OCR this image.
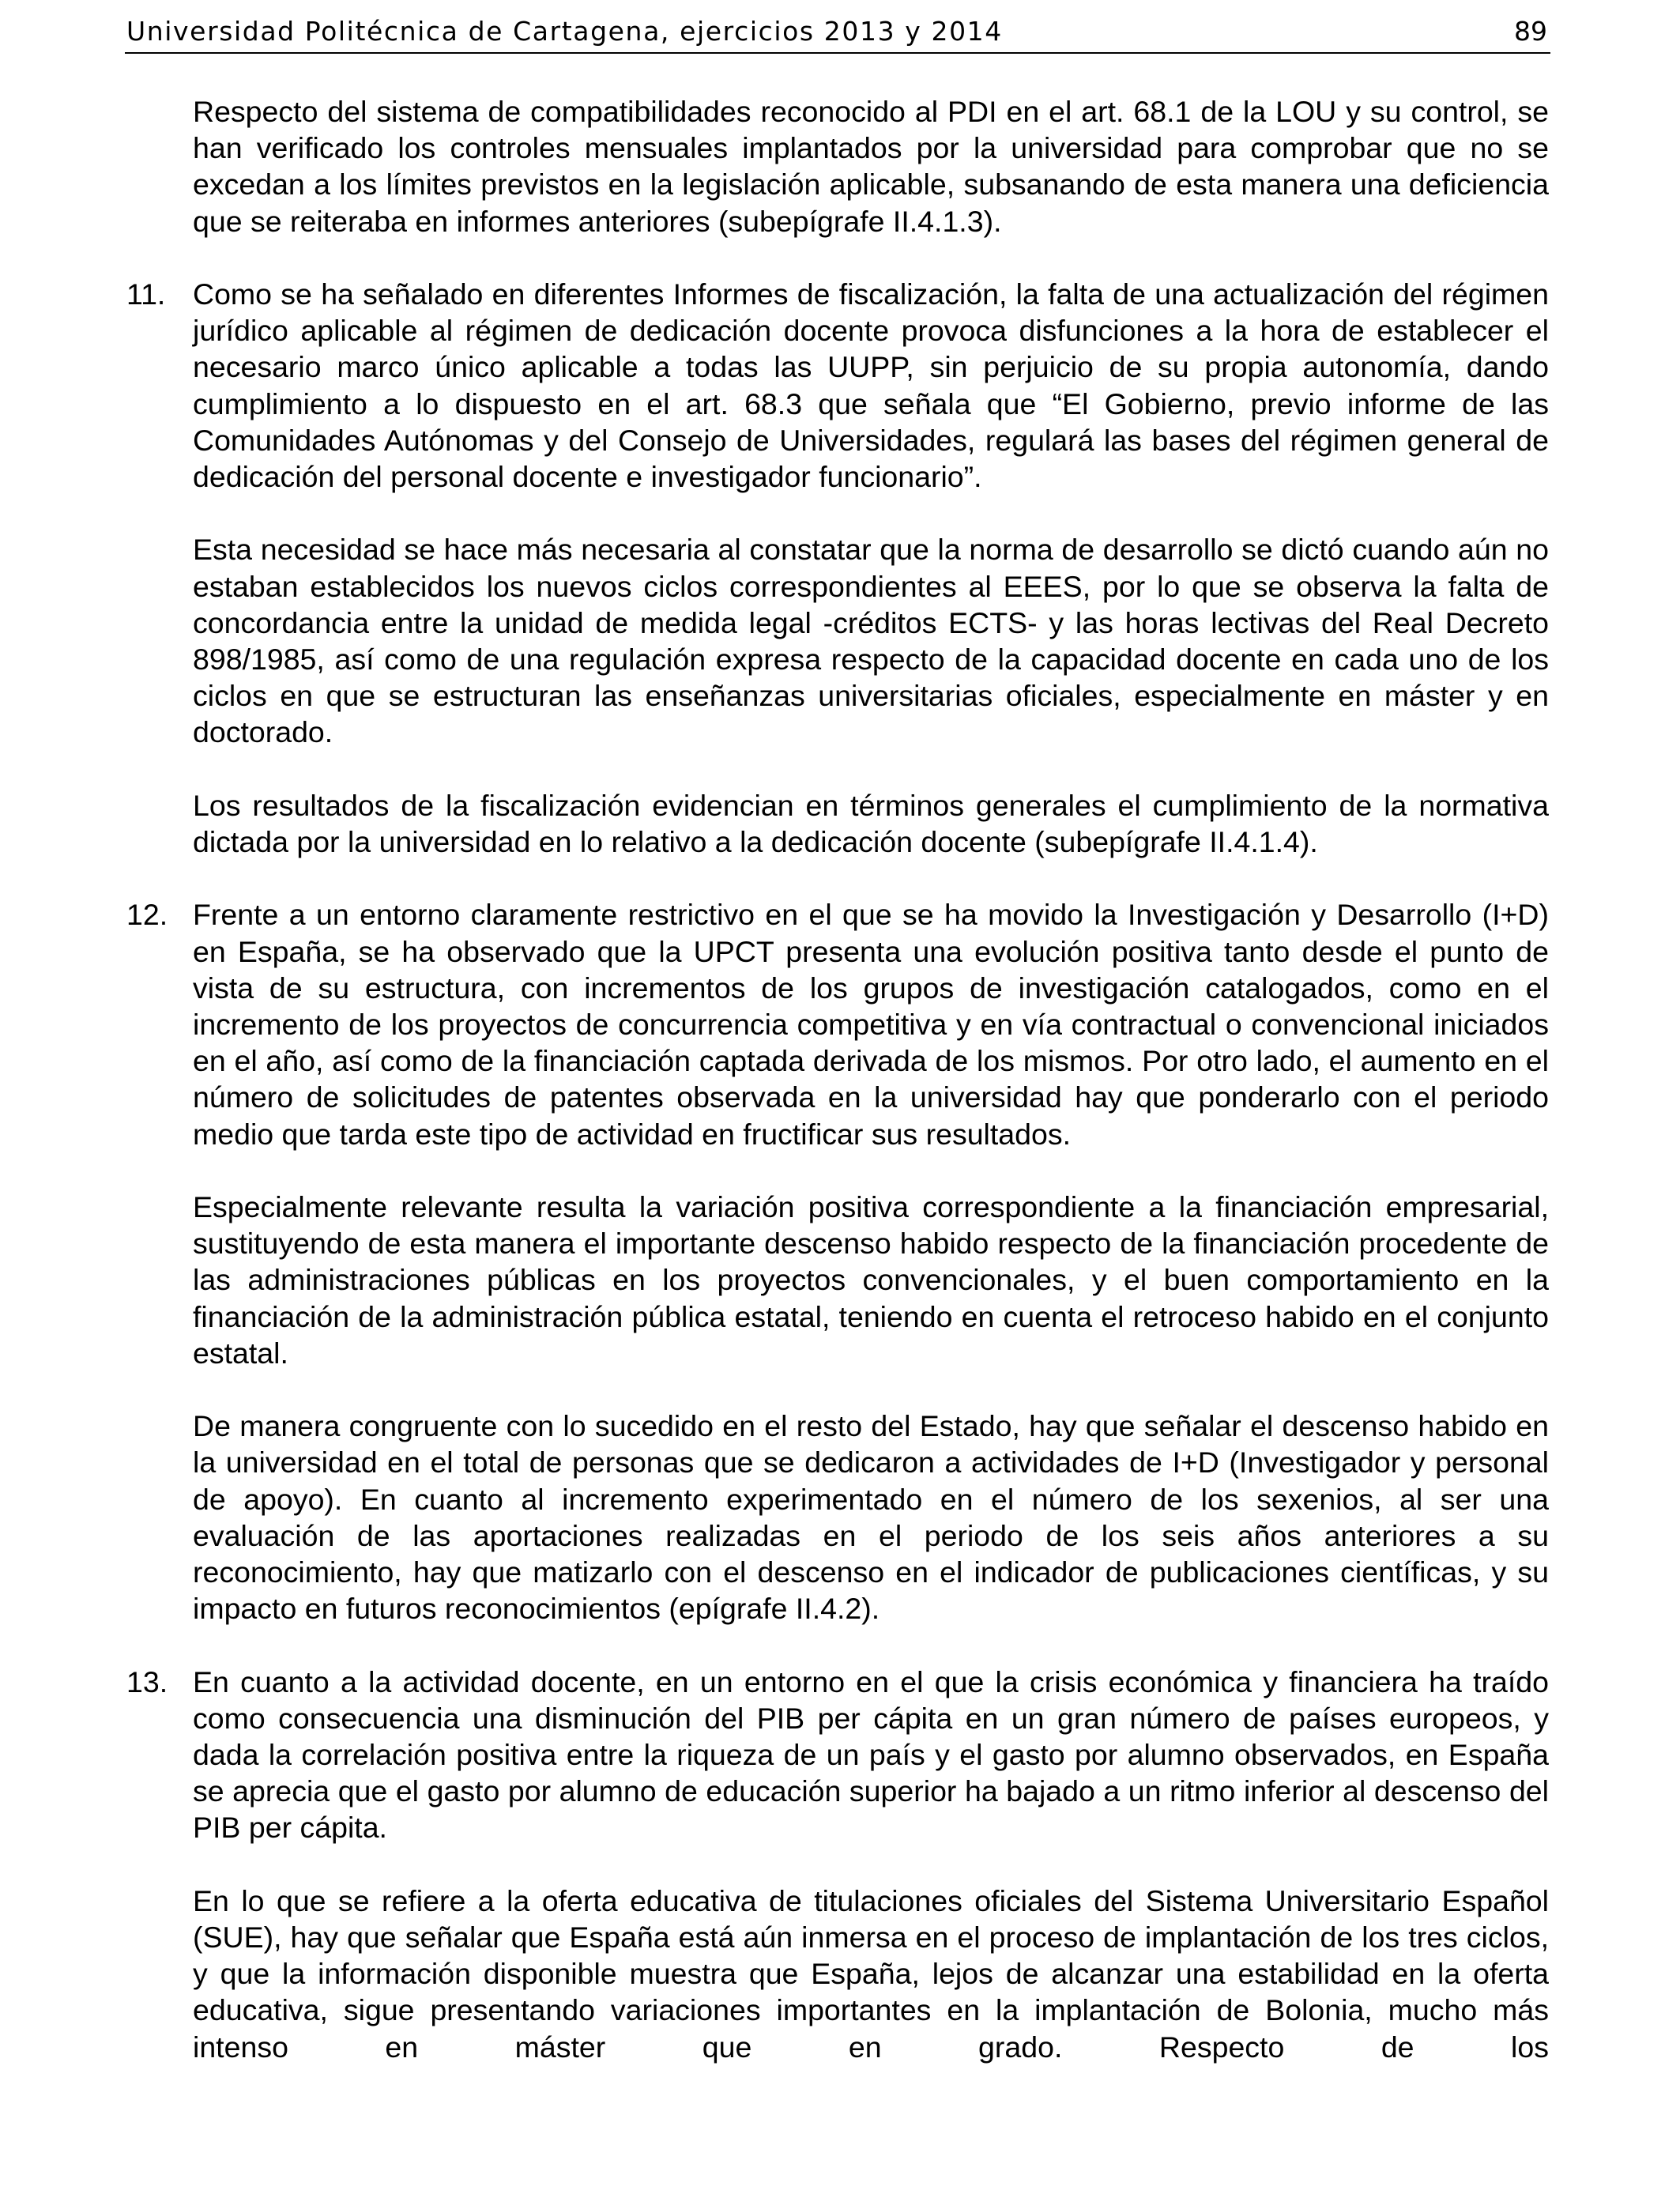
Universidad Politécnica de Cartagena, ejercicios 2013 y 2014	89

Respecto del sistema de compatibilidades reconocido al PDI en el art. 68.1 de la LOU y su control, se han verificado los controles mensuales implantados por la universidad para comprobar que no se excedan a los límites previstos en la legislación aplicable, subsanando de esta manera una deficiencia que se reiteraba en informes anteriores (subepígrafe II.4.1.3).

11. Como se ha señalado en diferentes Informes de fiscalización, la falta de una actualización del régimen jurídico aplicable al régimen de dedicación docente provoca disfunciones a la hora de establecer el necesario marco único aplicable a todas las UUPP, sin perjuicio de su propia autonomía, dando cumplimiento a lo dispuesto en el art. 68.3 que señala que “El Gobierno, previo informe de las Comunidades Autónomas y del Consejo de Universidades, regulará las bases del régimen general de dedicación del personal docente e investigador funcionario”.

Esta necesidad se hace más necesaria al constatar que la norma de desarrollo se dictó cuando aún no estaban establecidos los nuevos ciclos correspondientes al EEES, por lo que se observa la falta de concordancia entre la unidad de medida legal -créditos ECTS- y las horas lectivas del Real Decreto 898/1985, así como de una regulación expresa respecto de la capacidad docente en cada uno de los ciclos en que se estructuran las enseñanzas universitarias oficiales, especialmente en máster y en doctorado.

Los resultados de la fiscalización evidencian en términos generales el cumplimiento de la normativa dictada por la universidad en lo relativo a la dedicación docente (subepígrafe II.4.1.4).

12. Frente a un entorno claramente restrictivo en el que se ha movido la Investigación y Desarrollo (I+D) en España, se ha observado que la UPCT presenta una evolución positiva tanto desde el punto de vista de su estructura, con incrementos de los grupos de investigación catalogados, como en el incremento de los proyectos de concurrencia competitiva y en vía contractual o convencional iniciados en el año, así como de la financiación captada derivada de los mismos. Por otro lado, el aumento en el número de solicitudes de patentes observada en la universidad hay que ponderarlo con el periodo medio que tarda este tipo de actividad en fructificar sus resultados.

Especialmente relevante resulta la variación positiva correspondiente a la financiación empresarial, sustituyendo de esta manera el importante descenso habido respecto de la financiación procedente de las administraciones públicas en los proyectos convencionales, y el buen comportamiento en la financiación de la administración pública estatal, teniendo en cuenta el retroceso habido en el conjunto estatal.

De manera congruente con lo sucedido en el resto del Estado, hay que señalar el descenso habido en la universidad en el total de personas que se dedicaron a actividades de I+D (Investigador y personal de apoyo). En cuanto al incremento experimentado en el número de los sexenios, al ser una evaluación de las aportaciones realizadas en el periodo de los seis años anteriores a su reconocimiento, hay que matizarlo con el descenso en el indicador de publicaciones científicas, y su impacto en futuros reconocimientos (epígrafe II.4.2).

13. En cuanto a la actividad docente, en un entorno en el que la crisis económica y financiera ha traído como consecuencia una disminución del PIB per cápita en un gran número de países europeos, y dada la correlación positiva entre la riqueza de un país y el gasto por alumno observados, en España se aprecia que el gasto por alumno de educación superior ha bajado a un ritmo inferior al descenso del PIB per cápita.

En lo que se refiere a la oferta educativa de titulaciones oficiales del Sistema Universitario Español (SUE), hay que señalar que España está aún inmersa en el proceso de implantación de los tres ciclos, y que la información disponible muestra que España, lejos de alcanzar una estabilidad en la oferta educativa, sigue presentando variaciones importantes en la implantación de Bolonia, mucho más intenso en máster que en grado. Respecto de los
